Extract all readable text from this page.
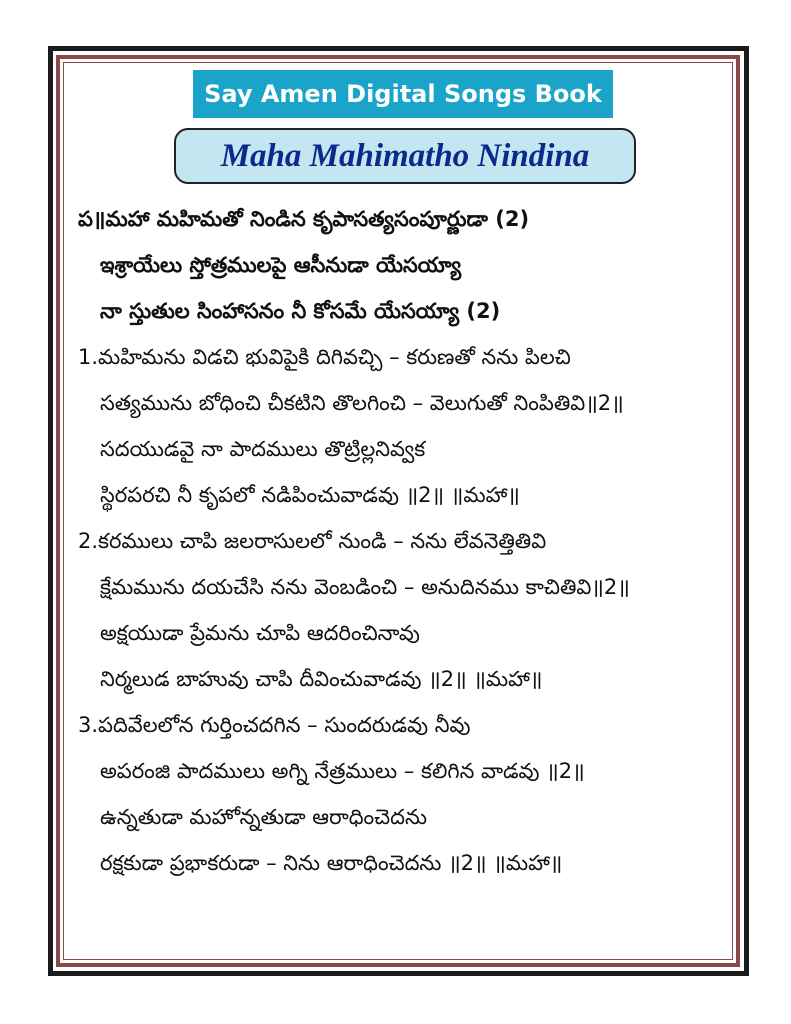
Say Amen Digital Songs Book
Maha Mahimatho Nindina
ప॥మహా మహిమతో నిండిన కృపాసత్యసంపూర్ణుడా (2)
ఇశ్రాయేలు స్తోత్రములపై ఆసీనుడా యేసయ్యా
నా స్తుతుల సింహాసనం నీ కోసమే యేసయ్యా (2)
1.మహిమను విడచి భువిపైకి దిగివచ్చి – కరుణతో నను పిలచి
సత్యమును బోధించి చీకటిని తొలగించి – వెలుగుతో నింపితివి॥2॥
సదయుడవై నా పాదములు తొట్రిల్లనివ్వక
స్థిరపరచి నీ కృపలో నడిపించువాడవు ॥2॥ ॥మహా॥
2.కరములు చాపి జలరాసులలో నుండి – నను లేవనెత్తితివి
క్షేమమును దయచేసి నను వెంబడించి – అనుదినము కాచితివి॥2॥
అక్షయుడా ప్రేమను చూపి ఆదరించినావు
నిర్మలుడ బాహువు చాపి దీవించువాడవు ॥2॥ ॥మహా॥
3.పదివేలలోన గుర్తించదగిన – సుందరుడవు నీవు
అపరంజి పాదములు అగ్ని నేత్రములు – కలిగిన వాడవు ॥2॥
ఉన్నతుడా మహోన్నతుడా ఆరాధించెదను
రక్షకుడా ప్రభాకరుడా – నిను ఆరాధించెదను ॥2॥ ॥మహా॥
